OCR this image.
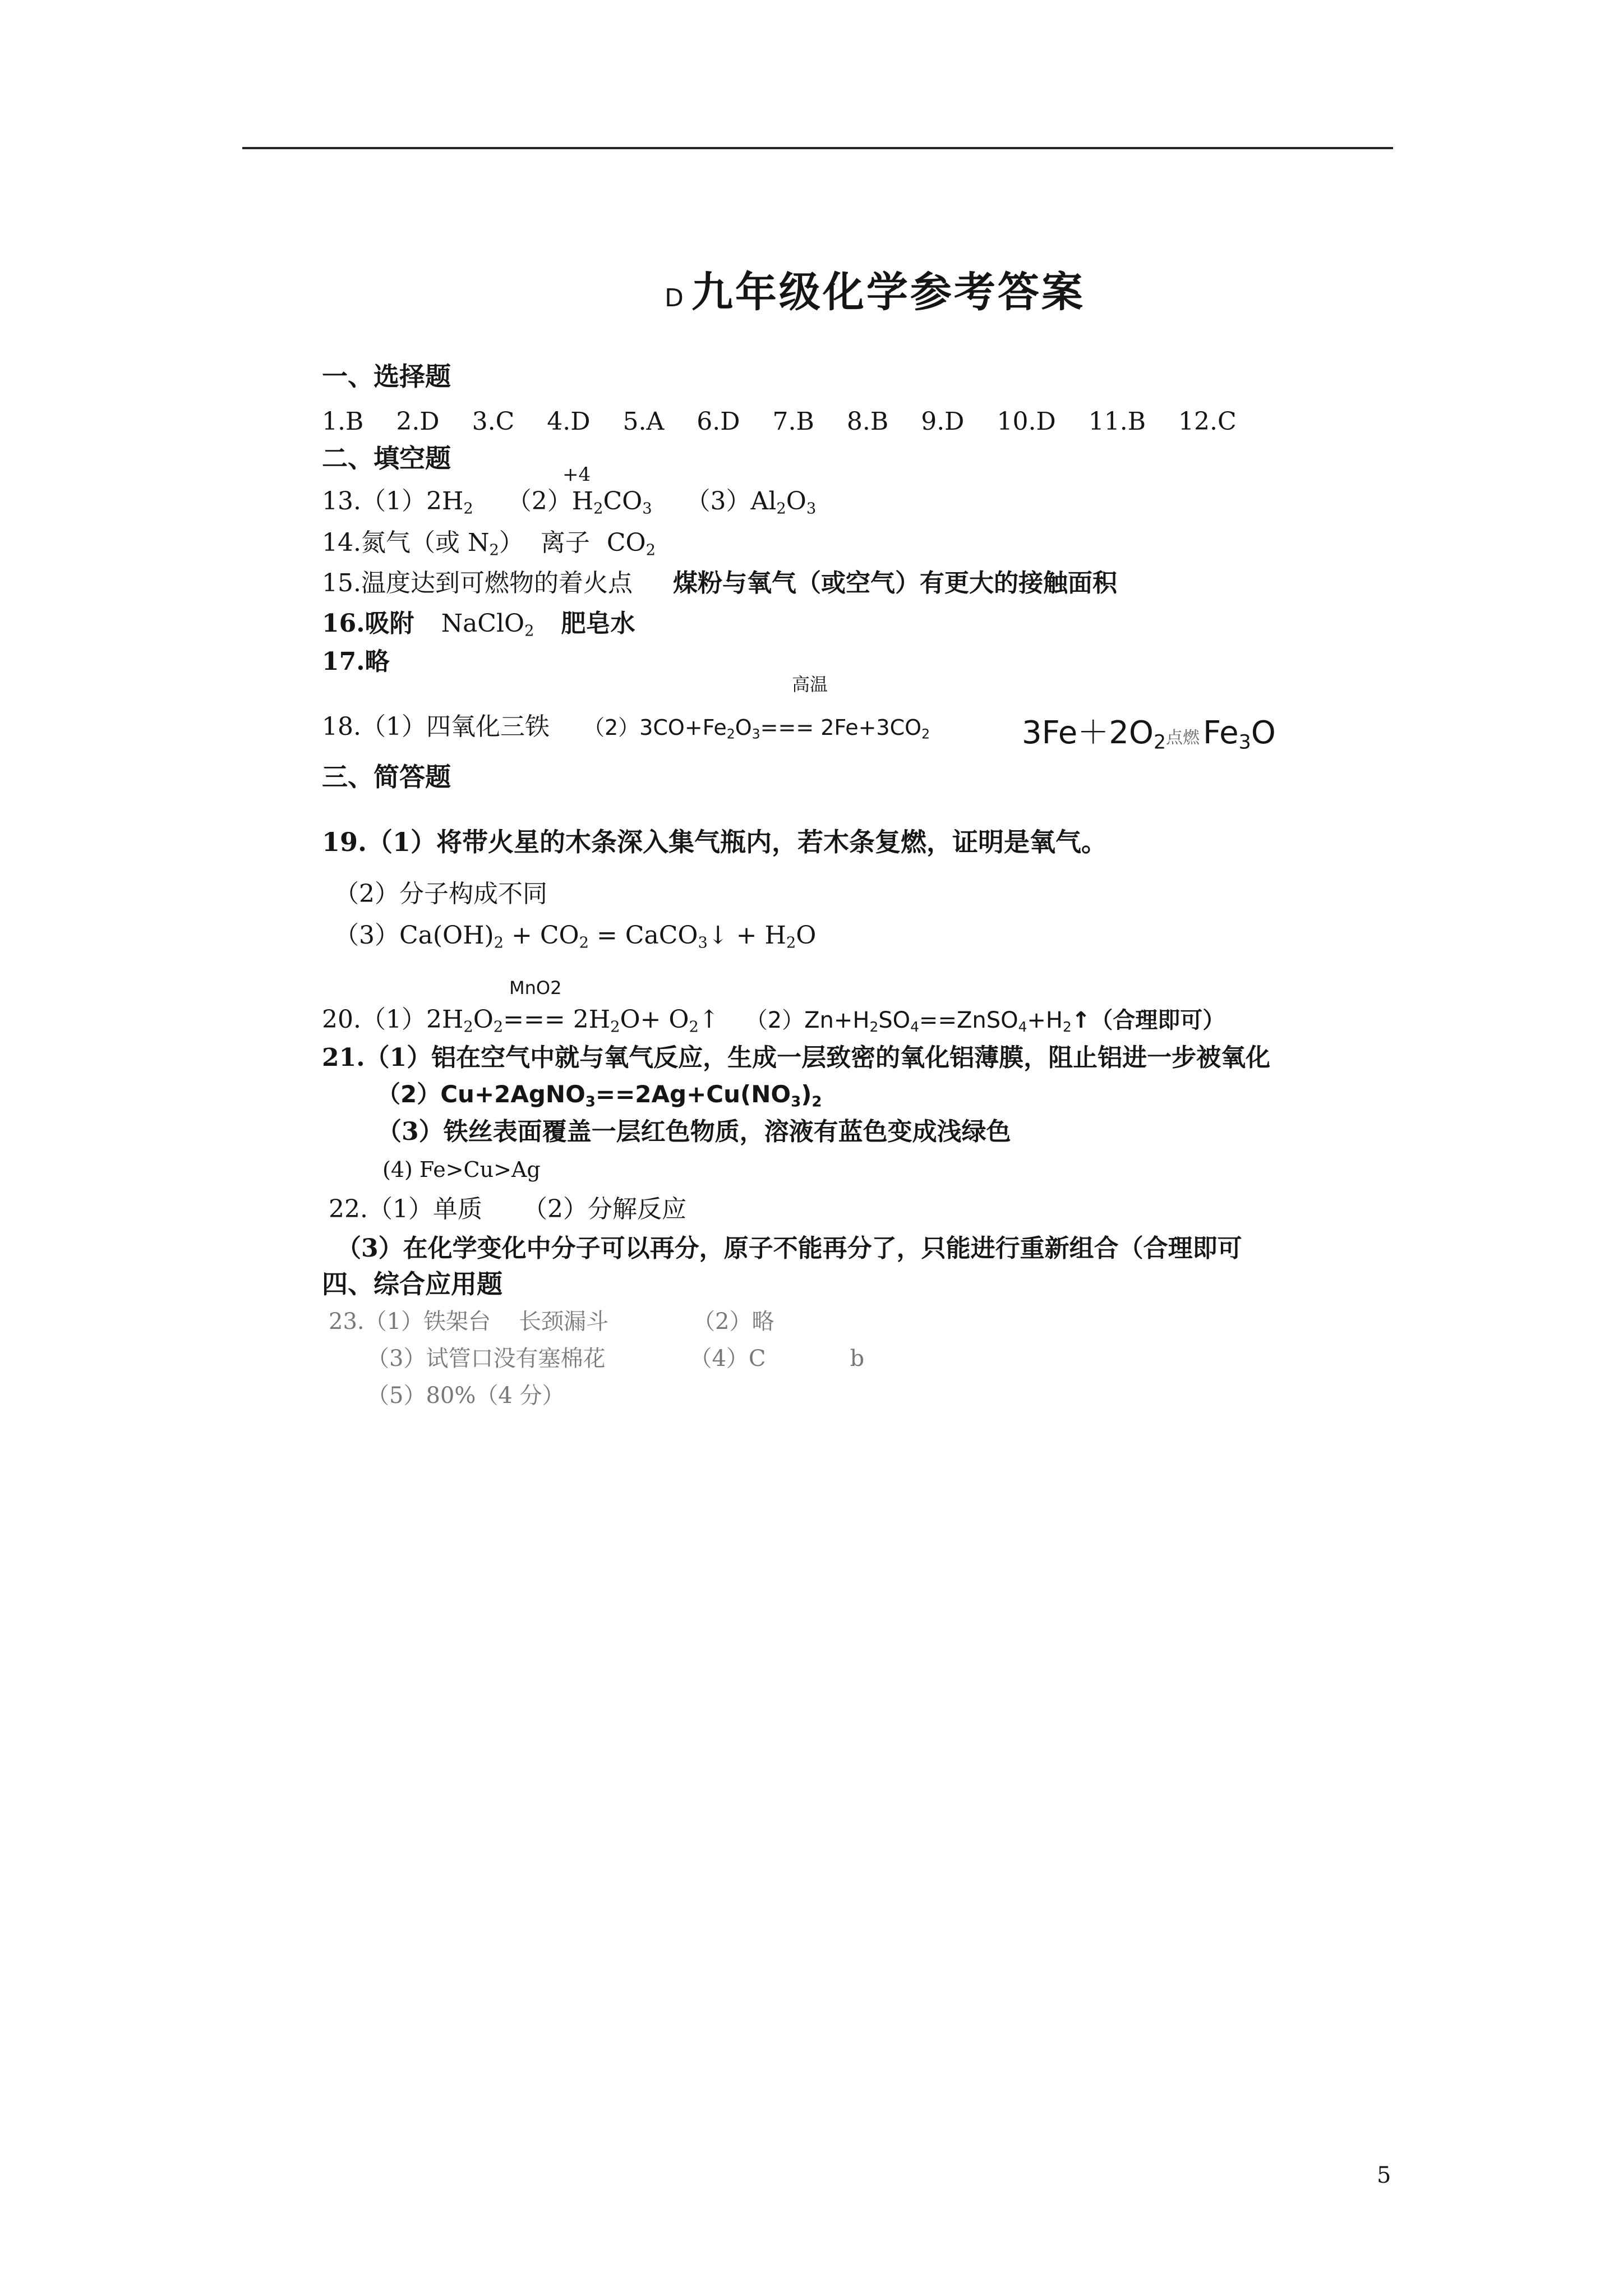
D 九年级化学参考答案
一、选择题
1.B 2.D 3.C 4.D 5.A 6.D 7.B 8.B 9.D 10.D 11.B 12.C
二、填空题
+4
$13.(1)2H_2$ $(2)H_2CO_3$ $(3)Al_2O_3$
14.氮气（或 $N_2$） 离子 $CO_2$
15.温度达到可燃物的着火点 煤粉与氧气（或空气）有更大的接触面积
16.吸附 NaClO$_2$ 肥皂水
17.略
高温
18.（1）四氧化三铁 $(2)3CO+Fe_2O_3=== 2Fe+3CO_2$	$3Fe+2O_2$点燃 $Fe_3O$
三、简答题
19.（1）将带火星的木条深入集气瓶内，若木条复燃，证明是氧气。
（2）分子构成不同
$(3)Ca(OH)_2 + CO_2$ = CaCO$_3$↓ + $H_2O$
MnO2
$20.(1)2H_2O_2=== 2H_2O+$ $O_2↑$ $(2)Zn+H_2SO_4==ZnSO_4+H_2↑$（合理即可）
21.（1）铝在空气中就与氧气反应，生成一层致密的氧化铝薄膜，阻止铝进一步被氧化
$(2)Cu+2AgNO_3==2Ag+Cu(NO_3)_2$
（3）铁丝表面覆盖一层红色物质，溶液有蓝色变成浅绿色
(4) Fe>Cu>Ag
22.（1）单质 （2）分解反应
（3）在化学变化中分子可以再分，原子不能再分了，只能进行重新组合（合理即可
四、综合应用题
23.（1）铁架台 长颈漏斗	（2）略
（3）试管口没有塞棉花	（4）C	b
（5）80%（4 分）
5
